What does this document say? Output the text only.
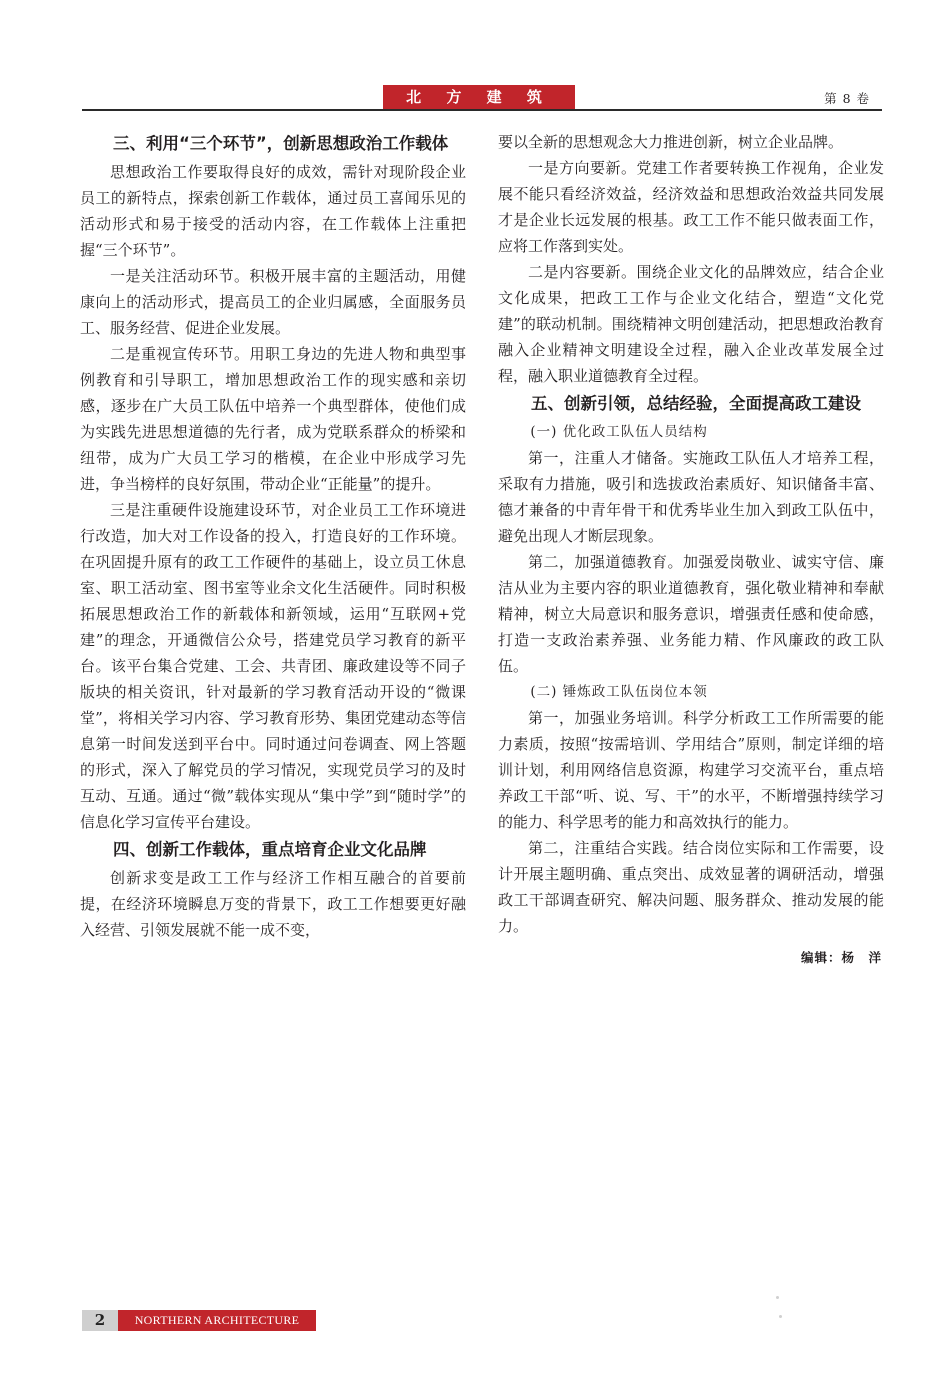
北 方 建 筑	第 8 卷
三、利用“三个环节”，创新思想政治工作载体

思想政治工作要取得良好的成效，需针对现阶段企业员工的新特点，探索创新工作载体，通过员工喜闻乐见的活动形式和易于接受的活动内容，在工作载体上注重把握“三个环节”。

一是关注活动环节。积极开展丰富的主题活动，用健康向上的活动形式，提高员工的企业归属感，全面服务员工、服务经营、促进企业发展。

二是重视宣传环节。用职工身边的先进人物和典型事例教育和引导职工，增加思想政治工作的现实感和亲切感，逐步在广大员工队伍中培养一个典型群体，使他们成为实践先进思想道德的先行者，成为党联系群众的桥梁和纽带，成为广大员工学习的楷模，在企业中形成学习先进，争当榜样的良好氛围，带动企业“正能量”的提升。

三是注重硬件设施建设环节，对企业员工工作环境进行改造，加大对工作设备的投入，打造良好的工作环境。在巩固提升原有的政工工作硬件的基础上，设立员工休息室、职工活动室、图书室等业余文化生活硬件。同时积极拓展思想政治工作的新载体和新领域，运用“互联网+党建”的理念，开通微信公众号，搭建党员学习教育的新平台。该平台集合党建、工会、共青团、廉政建设等不同子版块的相关资讯，针对最新的学习教育活动开设的“微课堂”，将相关学习内容、学习教育形势、集团党建动态等信息第一时间发送到平台中。同时通过问卷调查、网上答题的形式，深入了解党员的学习情况，实现党员学习的及时互动、互通。通过“微”载体实现从“集中学”到“随时学”的信息化学习宣传平台建设。

四、创新工作载体，重点培育企业文化品牌

创新求变是政工工作与经济工作相互融合的首要前提，在经济环境瞬息万变的背景下，政工工作想要更好融入经营、引领发展就不能一成不变，

要以全新的思想观念大力推进创新，树立企业品牌。

一是方向要新。党建工作者要转换工作视角，企业发展不能只看经济效益，经济效益和思想政治效益共同发展才是企业长远发展的根基。政工工作不能只做表面工作，应将工作落到实处。

二是内容要新。围绕企业文化的品牌效应，结合企业文化成果，把政工工作与企业文化结合，塑造“文化党建”的联动机制。围绕精神文明创建活动，把思想政治教育融入企业精神文明建设全过程，融入企业改革发展全过程，融入职业道德教育全过程。

五、创新引领，总结经验，全面提高政工建设
(一) 优化政工队伍人员结构

第一，注重人才储备。实施政工队伍人才培养工程，采取有力措施，吸引和选拔政治素质好、知识储备丰富、德才兼备的中青年骨干和优秀毕业生加入到政工队伍中，避免出现人才断层现象。

第二，加强道德教育。加强爱岗敬业、诚实守信、廉洁从业为主要内容的职业道德教育，强化敬业精神和奉献精神，树立大局意识和服务意识，增强责任感和使命感，打造一支政治素养强、业务能力精、作风廉政的政工队伍。

(二) 锤炼政工队伍岗位本领

第一，加强业务培训。科学分析政工工作所需要的能力素质，按照“按需培训、学用结合”原则，制定详细的培训计划，利用网络信息资源，构建学习交流平台，重点培养政工干部“听、说、写、干”的水平，不断增强持续学习的能力、科学思考的能力和高效执行的能力。

第二，注重结合实践。结合岗位实际和工作需要，设计开展主题明确、重点突出、成效显著的调研活动，增强政工干部调查研究、解决问题、服务群众、推动发展的能力。

编辑：杨　洋
2	NORTHERN ARCHITECTURE
